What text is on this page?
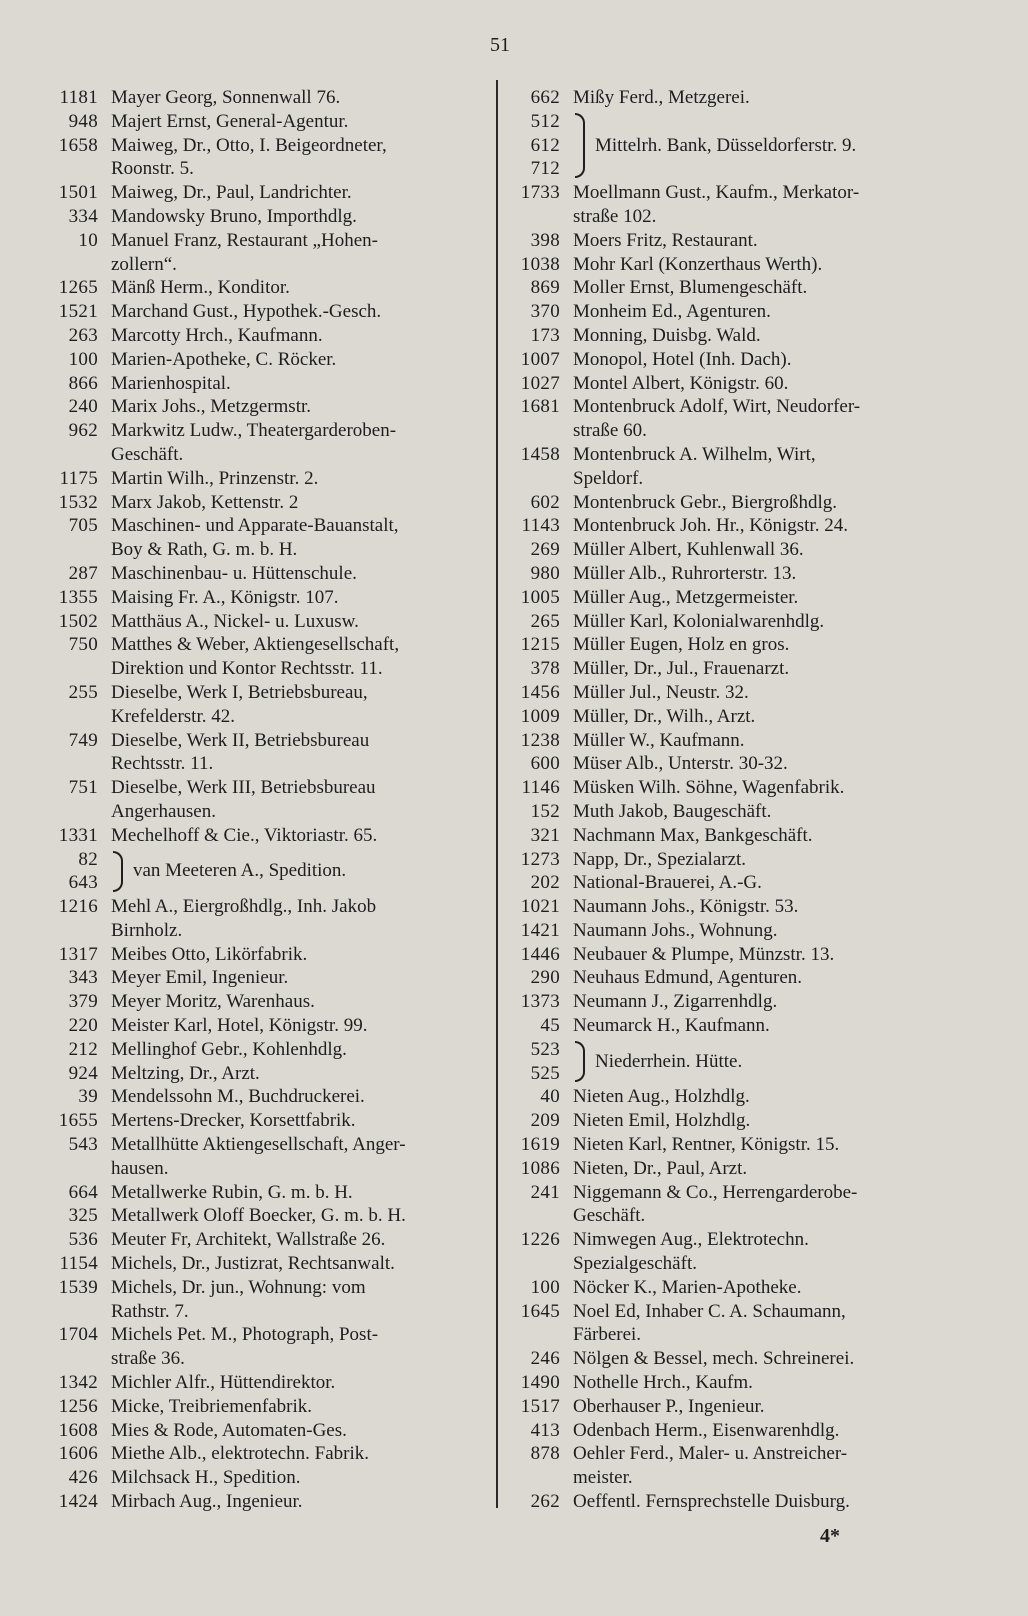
51
1181 Mayer Georg, Sonnenwall 76.
948 Majert Ernst, General-Agentur.
1658 Maiweg, Dr., Otto, I. Beigeordneter,
Roonstr. 5.
1501 Maiweg, Dr., Paul, Landrichter.
334 Mandowsky Bruno, Importhdlg.
10 Manuel Franz, Restaurant „Hohen-
zollern“.
1265 Mänß Herm., Konditor.
1521 Marchand Gust., Hypothek.-Gesch.
263 Marcotty Hrch., Kaufmann.
100 Marien-Apotheke, C. Röcker.
866 Marienhospital.
240 Marix Johs., Metzgermstr.
962 Markwitz Ludw., Theatergarderoben-
Geschäft.
1175 Martin Wilh., Prinzenstr. 2.
1532 Marx Jakob, Kettenstr. 2
705 Maschinen- und Apparate-Bauanstalt,
Boy & Rath, G. m. b. H.
287 Maschinenbau- u. Hüttenschule.
1355 Maising Fr. A., Königstr. 107.
1502 Matthäus A., Nickel- u. Luxusw.
750 Matthes & Weber, Aktiengesellschaft,
Direktion und Kontor Rechtsstr. 11.
255 Dieselbe, Werk I, Betriebsbureau,
Krefelderstr. 42.
749 Dieselbe, Werk II, Betriebsbureau
Rechtsstr. 11.
751 Dieselbe, Werk III, Betriebsbureau
Angerhausen.
1331 Mechelhoff & Cie., Viktoriastr. 65.
82
643
van Meeteren A., Spedition.
1216 Mehl A., Eiergroßhdlg., Inh. Jakob
Birnholz.
1317 Meibes Otto, Likörfabrik.
343 Meyer Emil, Ingenieur.
379 Meyer Moritz, Warenhaus.
220 Meister Karl, Hotel, Königstr. 99.
212 Mellinghof Gebr., Kohlenhdlg.
924 Meltzing, Dr., Arzt.
39 Mendelssohn M., Buchdruckerei.
1655 Mertens-Drecker, Korsettfabrik.
543 Metallhütte Aktiengesellschaft, Anger-
hausen.
664 Metallwerke Rubin, G. m. b. H.
325 Metallwerk Oloff Boecker, G. m. b. H.
536 Meuter Fr, Architekt, Wallstraße 26.
1154 Michels, Dr., Justizrat, Rechtsanwalt.
1539 Michels, Dr. jun., Wohnung: vom
Rathstr. 7.
1704 Michels Pet. M., Photograph, Post-
straße 36.
1342 Michler Alfr., Hüttendirektor.
1256 Micke, Treibriemenfabrik.
1608 Mies & Rode, Automaten-Ges.
1606 Miethe Alb., elektrotechn. Fabrik.
426 Milchsack H., Spedition.
1424 Mirbach Aug., Ingenieur.
662 Mißy Ferd., Metzgerei.
512
612
712
Mittelrh. Bank, Düsseldorferstr. 9.
1733 Moellmann Gust., Kaufm., Merkator-
straße 102.
398 Moers Fritz, Restaurant.
1038 Mohr Karl (Konzerthaus Werth).
869 Moller Ernst, Blumengeschäft.
370 Monheim Ed., Agenturen.
173 Monning, Duisbg. Wald.
1007 Monopol, Hotel (Inh. Dach).
1027 Montel Albert, Königstr. 60.
1681 Montenbruck Adolf, Wirt, Neudorfer-
straße 60.
1458 Montenbruck A. Wilhelm, Wirt,
Speldorf.
602 Montenbruck Gebr., Biergroßhdlg.
1143 Montenbruck Joh. Hr., Königstr. 24.
269 Müller Albert, Kuhlenwall 36.
980 Müller Alb., Ruhrorterstr. 13.
1005 Müller Aug., Metzgermeister.
265 Müller Karl, Kolonialwarenhdlg.
1215 Müller Eugen, Holz en gros.
378 Müller, Dr., Jul., Frauenarzt.
1456 Müller Jul., Neustr. 32.
1009 Müller, Dr., Wilh., Arzt.
1238 Müller W., Kaufmann.
600 Müser Alb., Unterstr. 30-32.
1146 Müsken Wilh. Söhne, Wagenfabrik.
152 Muth Jakob, Baugeschäft.
321 Nachmann Max, Bankgeschäft.
1273 Napp, Dr., Spezialarzt.
202 National-Brauerei, A.-G.
1021 Naumann Johs., Königstr. 53.
1421 Naumann Johs., Wohnung.
1446 Neubauer & Plumpe, Münzstr. 13.
290 Neuhaus Edmund, Agenturen.
1373 Neumann J., Zigarrenhdlg.
45 Neumarck H., Kaufmann.
523
525
Niederrhein. Hütte.
40 Nieten Aug., Holzhdlg.
209 Nieten Emil, Holzhdlg.
1619 Nieten Karl, Rentner, Königstr. 15.
1086 Nieten, Dr., Paul, Arzt.
241 Niggemann & Co., Herrengarderobe-
Geschäft.
1226 Nimwegen Aug., Elektrotechn.
Spezialgeschäft.
100 Nöcker K., Marien-Apotheke.
1645 Noel Ed, Inhaber C. A. Schaumann,
Färberei.
246 Nölgen & Bessel, mech. Schreinerei.
1490 Nothelle Hrch., Kaufm.
1517 Oberhauser P., Ingenieur.
413 Odenbach Herm., Eisenwarenhdlg.
878 Oehler Ferd., Maler- u. Anstreicher-
meister.
262 Oeffentl. Fernsprechstelle Duisburg.
4*
